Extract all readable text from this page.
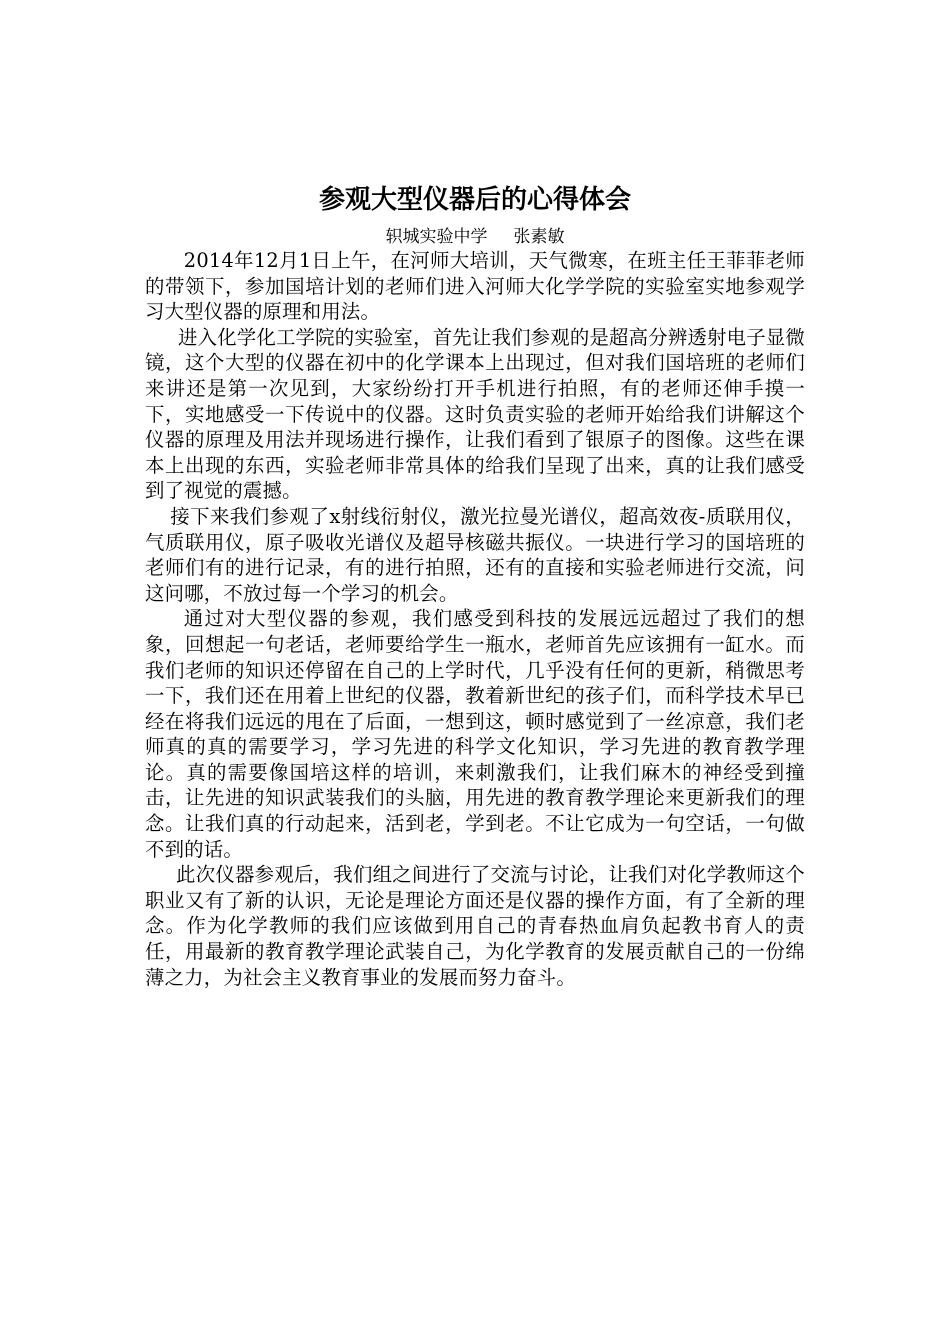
参观大型仪器后的心得体会
轵城实验中学 张素敏

2014年12月1日上午，在河师大培训，天气微寒，在班主任王菲菲老师的带领下，参加国培计划的老师们进入河师大化学学院的实验室实地参观学习大型仪器的原理和用法。

进入化学化工学院的实验室，首先让我们参观的是超高分辨透射电子显微镜，这个大型的仪器在初中的化学课本上出现过，但对我们国培班的老师们来讲还是第一次见到，大家纷纷打开手机进行拍照，有的老师还伸手摸一下，实地感受一下传说中的仪器。这时负责实验的老师开始给我们讲解这个仪器的原理及用法并现场进行操作，让我们看到了银原子的图像。这些在课本上出现的东西，实验老师非常具体的给我们呈现了出来，真的让我们感受到了视觉的震撼。

接下来我们参观了x射线衍射仪，激光拉曼光谱仪，超高效夜-质联用仪，气质联用仪，原子吸收光谱仪及超导核磁共振仪。一块进行学习的国培班的老师们有的进行记录，有的进行拍照，还有的直接和实验老师进行交流，问这问哪，不放过每一个学习的机会。

通过对大型仪器的参观，我们感受到科技的发展远远超过了我们的想象，回想起一句老话，老师要给学生一瓶水，老师首先应该拥有一缸水。而我们老师的知识还停留在自己的上学时代，几乎没有任何的更新，稍微思考一下，我们还在用着上世纪的仪器，教着新世纪的孩子们，而科学技术早已经在将我们远远的甩在了后面，一想到这，顿时感觉到了一丝凉意，我们老师真的真的需要学习，学习先进的科学文化知识，学习先进的教育教学理论。真的需要像国培这样的培训，来刺激我们，让我们麻木的神经受到撞击，让先进的知识武装我们的头脑，用先进的教育教学理论来更新我们的理念。让我们真的行动起来，活到老，学到老。不让它成为一句空话，一句做不到的话。

此次仪器参观后，我们组之间进行了交流与讨论，让我们对化学教师这个职业又有了新的认识，无论是理论方面还是仪器的操作方面，有了全新的理念。作为化学教师的我们应该做到用自己的青春热血肩负起教书育人的责任，用最新的教育教学理论武装自己，为化学教育的发展贡献自己的一份绵薄之力，为社会主义教育事业的发展而努力奋斗。
